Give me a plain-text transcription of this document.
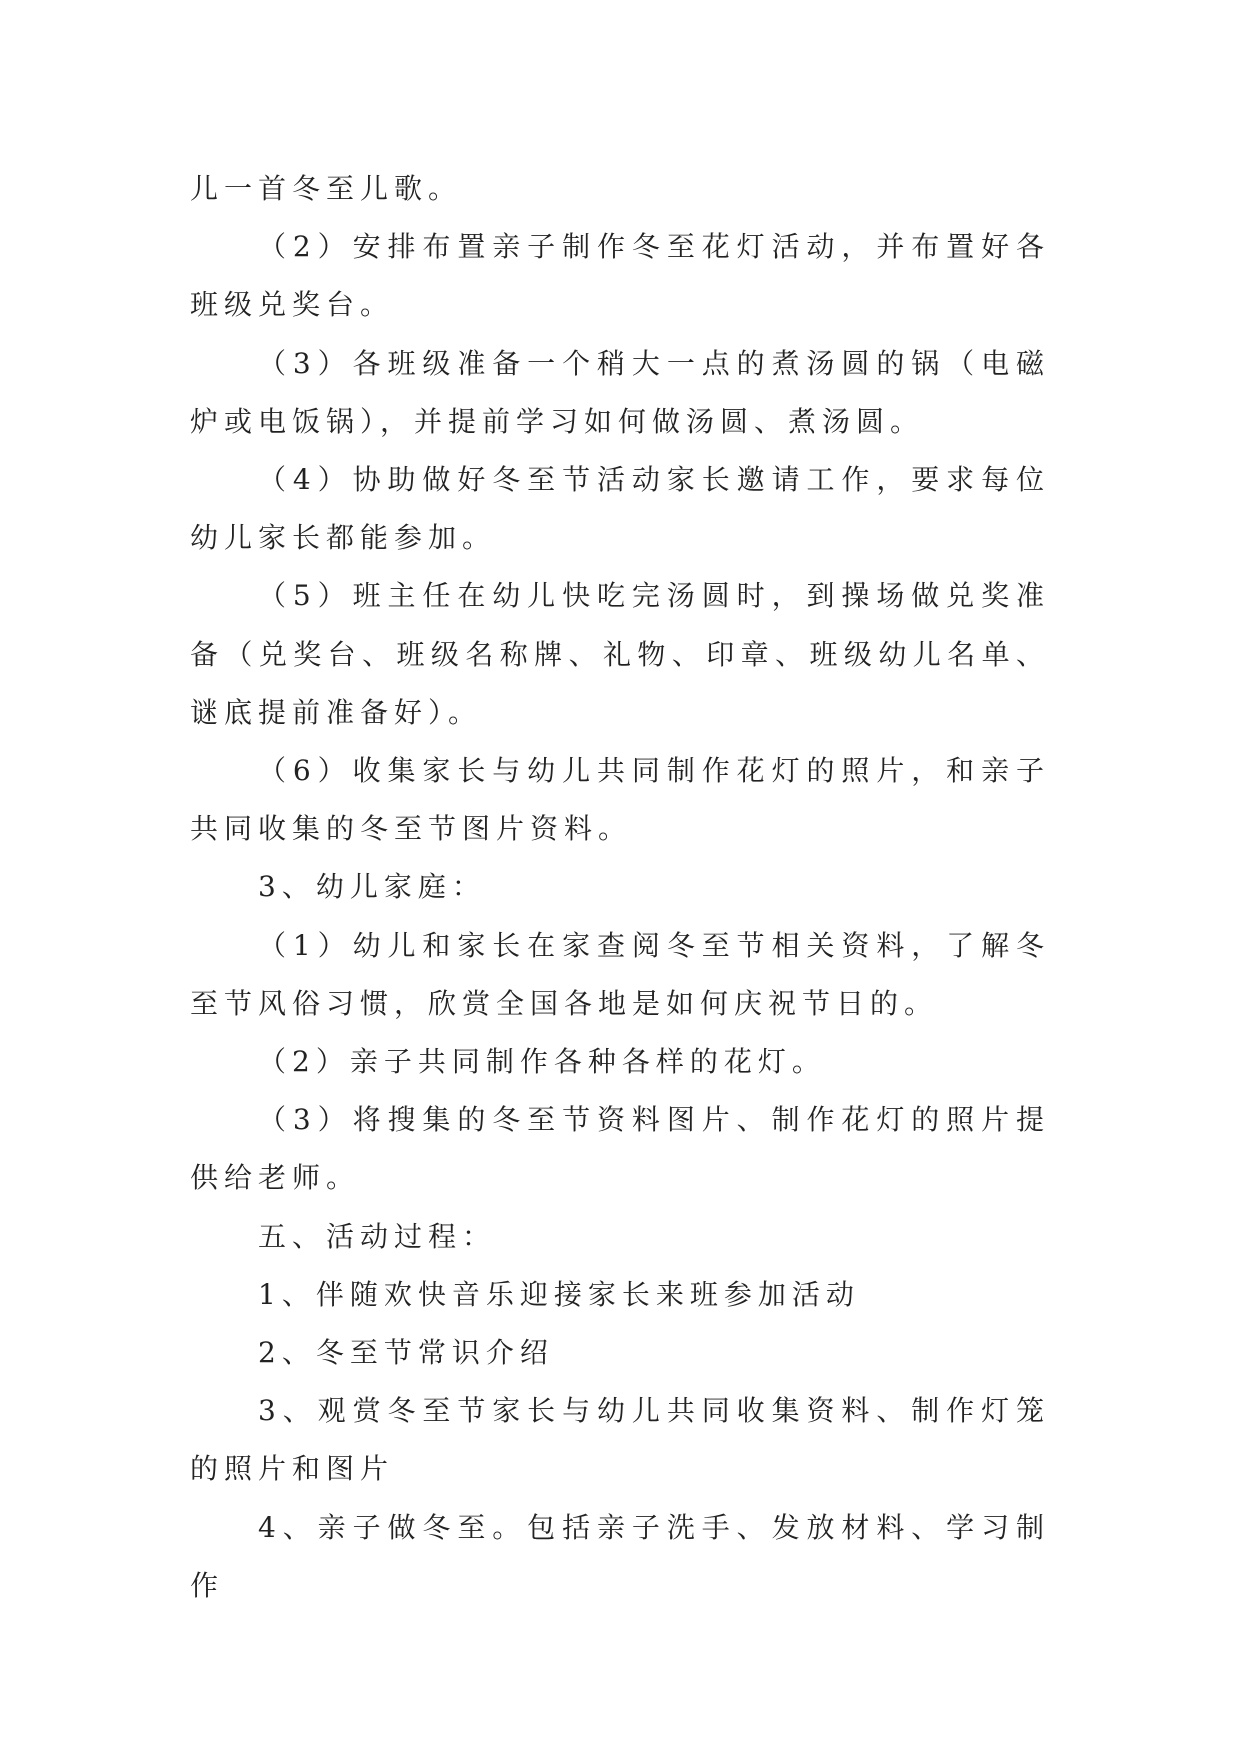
儿一首冬至儿歌。

（2）安排布置亲子制作冬至花灯活动，并布置好各班级兑奖台。

（3）各班级准备一个稍大一点的煮汤圆的锅（电磁炉或电饭锅），并提前学习如何做汤圆、煮汤圆。

（4）协助做好冬至节活动家长邀请工作，要求每位幼儿家长都能参加。

（5）班主任在幼儿快吃完汤圆时，到操场做兑奖准备（兑奖台、班级名称牌、礼物、印章、班级幼儿名单、谜底提前准备好）。

（6）收集家长与幼儿共同制作花灯的照片，和亲子共同收集的冬至节图片资料。

3、幼儿家庭：

（1）幼儿和家长在家查阅冬至节相关资料，了解冬至节风俗习惯，欣赏全国各地是如何庆祝节日的。

（2）亲子共同制作各种各样的花灯。

（3）将搜集的冬至节资料图片、制作花灯的照片提供给老师。

五、活动过程：

1、伴随欢快音乐迎接家长来班参加活动

2、冬至节常识介绍

3、观赏冬至节家长与幼儿共同收集资料、制作灯笼的照片和图片

4、亲子做冬至。包括亲子洗手、发放材料、学习制作
